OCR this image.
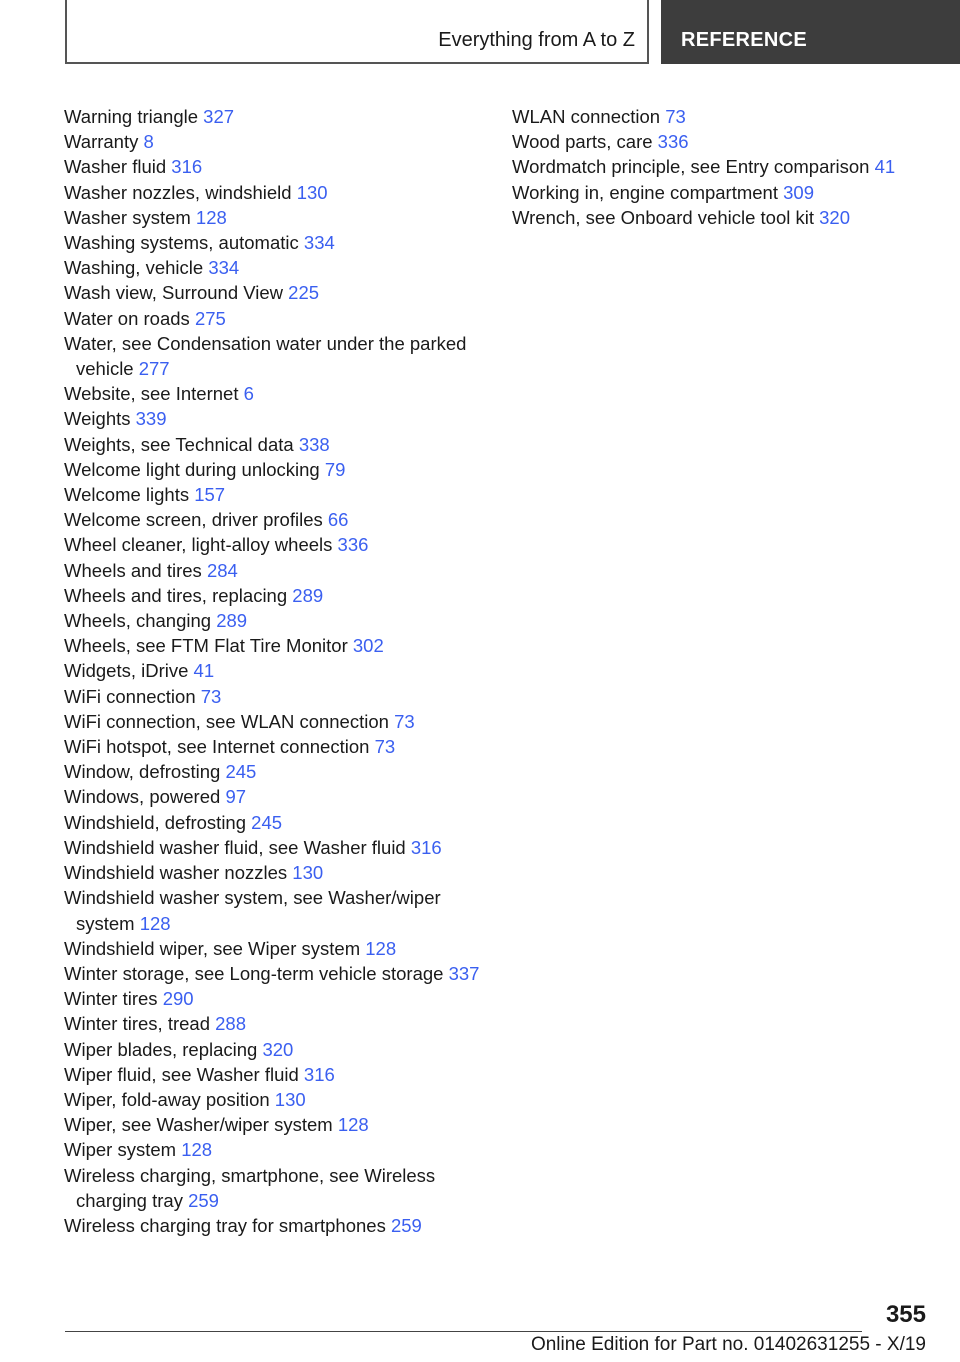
Everything from A to Z REFERENCE
Warning triangle 327
Warranty 8
Washer fluid 316
Washer nozzles, windshield 130
Washer system 128
Washing systems, automatic 334
Washing, vehicle 334
Wash view, Surround View 225
Water on roads 275
Water, see Condensation water under the parked vehicle 277
Website, see Internet 6
Weights 339
Weights, see Technical data 338
Welcome light during unlocking 79
Welcome lights 157
Welcome screen, driver profiles 66
Wheel cleaner, light-alloy wheels 336
Wheels and tires 284
Wheels and tires, replacing 289
Wheels, changing 289
Wheels, see FTM Flat Tire Monitor 302
Widgets, iDrive 41
WiFi connection 73
WiFi connection, see WLAN connection 73
WiFi hotspot, see Internet connection 73
Window, defrosting 245
Windows, powered 97
Windshield, defrosting 245
Windshield washer fluid, see Washer fluid 316
Windshield washer nozzles 130
Windshield washer system, see Washer/wiper system 128
Windshield wiper, see Wiper system 128
Winter storage, see Long-term vehicle storage 337
Winter tires 290
Winter tires, tread 288
Wiper blades, replacing 320
Wiper fluid, see Washer fluid 316
Wiper, fold-away position 130
Wiper, see Washer/wiper system 128
Wiper system 128
Wireless charging, smartphone, see Wireless charging tray 259
Wireless charging tray for smartphones 259
WLAN connection 73
Wood parts, care 336
Wordmatch principle, see Entry comparison 41
Working in, engine compartment 309
Wrench, see Onboard vehicle tool kit 320
355
Online Edition for Part no. 01402631255 - X/19
